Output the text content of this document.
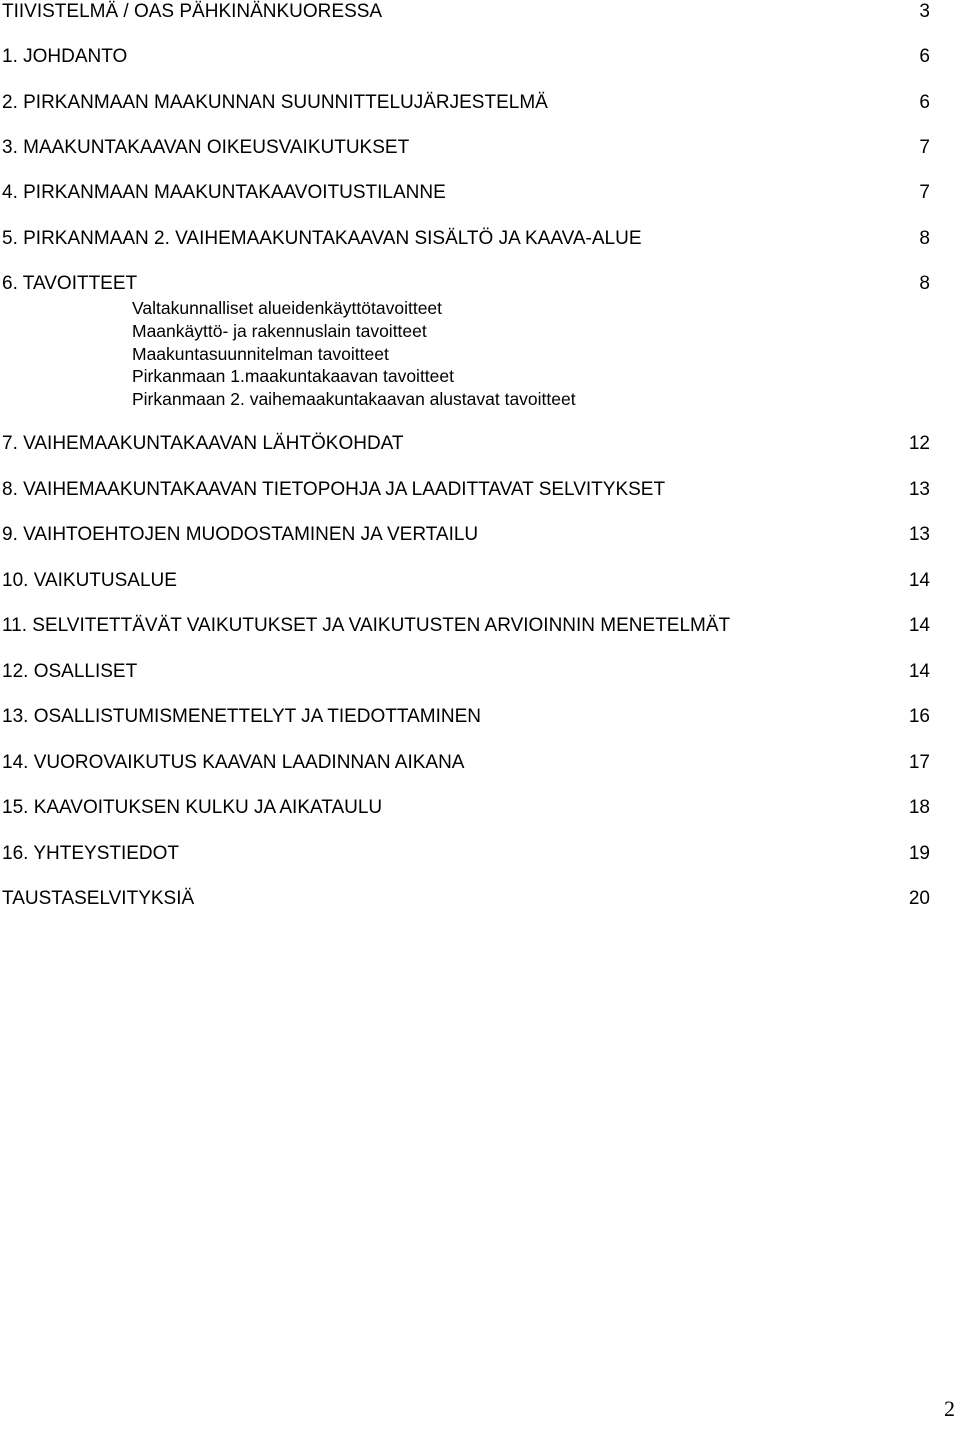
TIIVISTELMÄ / OAS PÄHKINÄNKUORESSA	3
1. JOHDANTO	6
2. PIRKANMAAN MAAKUNNAN SUUNNITTELUJÄRJESTELMÄ	6
3. MAAKUNTAKAAVAN OIKEUSVAIKUTUKSET	7
4. PIRKANMAAN MAAKUNTAKAAVOITUSTILANNE	7
5. PIRKANMAAN 2. VAIHEMAAKUNTAKAAVAN SISÄLTÖ JA KAAVA-ALUE	8
6. TAVOITTEET	8
Valtakunnalliset alueidenkäyttötavoitteet
Maankäyttö- ja rakennuslain tavoitteet
Maakuntasuunnitelman tavoitteet
Pirkanmaan 1.maakuntakaavan tavoitteet
Pirkanmaan 2. vaihemaakuntakaavan alustavat tavoitteet
7. VAIHEMAAKUNTAKAAVAN LÄHTÖKOHDAT	12
8. VAIHEMAAKUNTAKAAVAN TIETOPOHJA JA LAADITTAVAT SELVITYKSET	13
9. VAIHTOEHTOJEN MUODOSTAMINEN JA VERTAILU	13
10. VAIKUTUSALUE	14
11. SELVITETTÄVÄT VAIKUTUKSET JA VAIKUTUSTEN ARVIOINNIN MENETELMÄT	14
12. OSALLISET	14
13. OSALLISTUMISMENETTELYT JA TIEDOTTAMINEN	16
14. VUOROVAIKUTUS KAAVAN LAADINNAN AIKANA	17
15. KAAVOITUKSEN KULKU JA AIKATAULU	18
16. YHTEYSTIEDOT	19
TAUSTASELVITYKSIÄ	20
2
